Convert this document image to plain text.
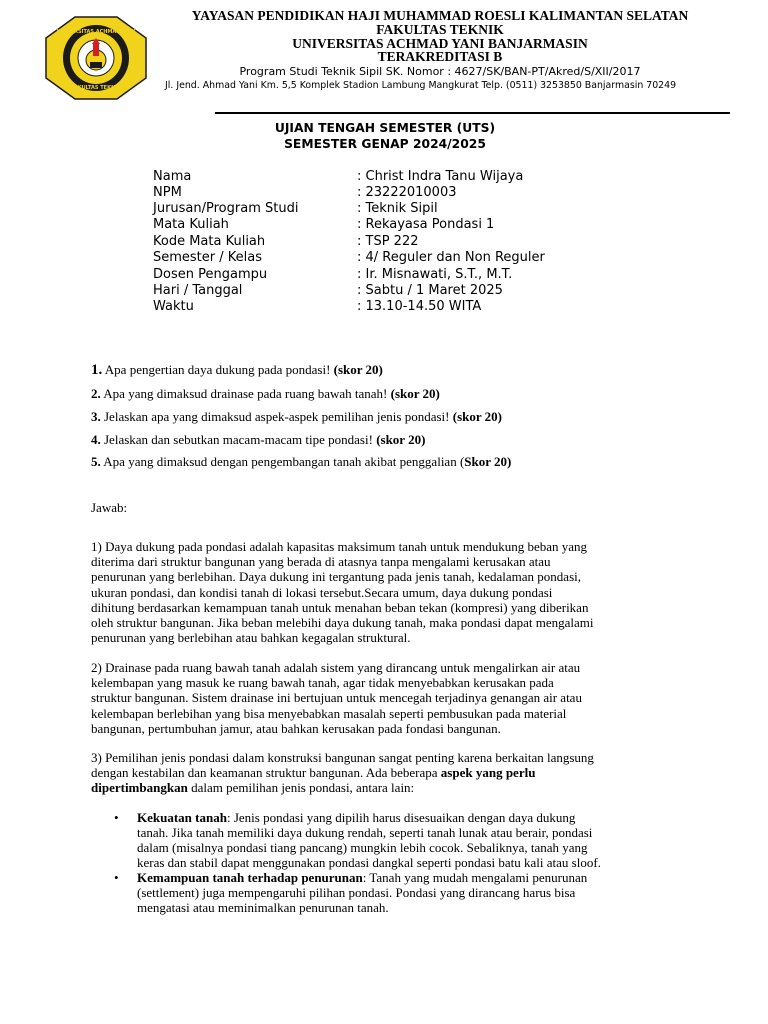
UNIVERSITAS ACHMAD YANI
FAKULTAS TEKNIK
YAYASAN PENDIDIKAN HAJI MUHAMMAD ROESLI KALIMANTAN SELATAN
FAKULTAS TEKNIK
UNIVERSITAS ACHMAD YANI BANJARMASIN
TERAKREDITASI B
Program Studi Teknik Sipil SK. Nomor : 4627/SK/BAN-PT/Akred/S/XII/2017
Jl. Jend. Ahmad Yani Km. 5,5 Komplek Stadion Lambung Mangkurat Telp. (0511) 3253850 Banjarmasin 70249
UJIAN TENGAH SEMESTER (UTS)
SEMESTER GENAP 2024/2025
Nama	: Christ Indra Tanu Wijaya
NPM	: 23222010003
Jurusan/Program Studi	: Teknik Sipil
Mata Kuliah	: Rekayasa Pondasi 1
Kode Mata Kuliah	: TSP 222
Semester / Kelas	: 4/ Reguler dan Non Reguler
Dosen Pengampu	: Ir. Misnawati, S.T., M.T.
Hari / Tanggal	: Sabtu / 1 Maret 2025
Waktu	: 13.10-14.50 WITA
1. Apa pengertian daya dukung pada pondasi! (skor 20)
2. Apa yang dimaksud drainase pada ruang bawah tanah! (skor 20)
3. Jelaskan apa yang dimaksud aspek-aspek pemilihan jenis pondasi! (skor 20)
4. Jelaskan dan sebutkan macam-macam tipe pondasi! (skor 20)
5. Apa yang dimaksud dengan pengembangan tanah akibat penggalian (Skor 20)
Jawab:
1) Daya dukung pada pondasi adalah kapasitas maksimum tanah untuk mendukung beban yang
diterima dari struktur bangunan yang berada di atasnya tanpa mengalami kerusakan atau
penurunan yang berlebihan. Daya dukung ini tergantung pada jenis tanah, kedalaman pondasi,
ukuran pondasi, dan kondisi tanah di lokasi tersebut.Secara umum, daya dukung pondasi
dihitung berdasarkan kemampuan tanah untuk menahan beban tekan (kompresi) yang diberikan
oleh struktur bangunan. Jika beban melebihi daya dukung tanah, maka pondasi dapat mengalami
penurunan yang berlebihan atau bahkan kegagalan struktural.
2) Drainase pada ruang bawah tanah adalah sistem yang dirancang untuk mengalirkan air atau
kelembapan yang masuk ke ruang bawah tanah, agar tidak menyebabkan kerusakan pada
struktur bangunan. Sistem drainase ini bertujuan untuk mencegah terjadinya genangan air atau
kelembapan berlebihan yang bisa menyebabkan masalah seperti pembusukan pada material
bangunan, pertumbuhan jamur, atau bahkan kerusakan pada fondasi bangunan.
3) Pemilihan jenis pondasi dalam konstruksi bangunan sangat penting karena berkaitan langsung
dengan kestabilan dan keamanan struktur bangunan. Ada beberapa aspek yang perlu
dipertimbangkan dalam pemilihan jenis pondasi, antara lain:
• Kekuatan tanah: Jenis pondasi yang dipilih harus disesuaikan dengan daya dukung
tanah. Jika tanah memiliki daya dukung rendah, seperti tanah lunak atau berair, pondasi
dalam (misalnya pondasi tiang pancang) mungkin lebih cocok. Sebaliknya, tanah yang
keras dan stabil dapat menggunakan pondasi dangkal seperti pondasi batu kali atau sloof.
• Kemampuan tanah terhadap penurunan: Tanah yang mudah mengalami penurunan
(settlement) juga mempengaruhi pilihan pondasi. Pondasi yang dirancang harus bisa
mengatasi atau meminimalkan penurunan tanah.
